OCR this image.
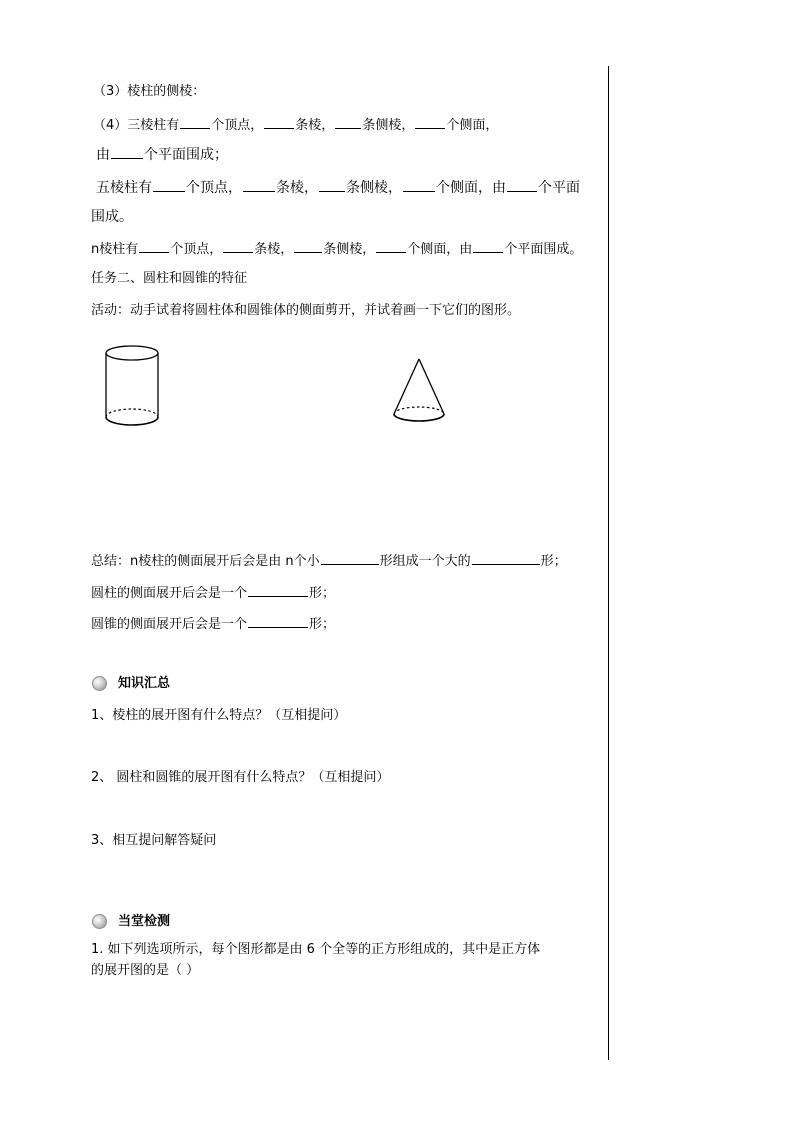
（3）棱柱的侧棱：
（4）三棱柱有 个顶点， 条棱， 条侧棱， 个侧面，
由 个平面围成；
五棱柱有 个顶点， 条棱， 条侧棱， 个侧面，由 个平面
围成。
n棱柱有 个顶点， 条棱， 条侧棱， 个侧面，由 个平面围成。
任务二、圆柱和圆锥的特征
活动：动手试着将圆柱体和圆锥体的侧面剪开，并试着画一下它们的图形。
总结：n棱柱的侧面展开后会是由 n个小	形组成一个大的	形；
圆柱的侧面展开后会是一个	形；
圆锥的侧面展开后会是一个	形；
知识汇总
1、棱柱的展开图有什么特点？（互相提问）
2、 圆柱和圆锥的展开图有什么特点？（互相提问）
3、相互提问解答疑问
当堂检测
1. 如下列选项所示，每个图形都是由 6 个全等的正方形组成的，其中是正方体
的展开图的是（ ）
